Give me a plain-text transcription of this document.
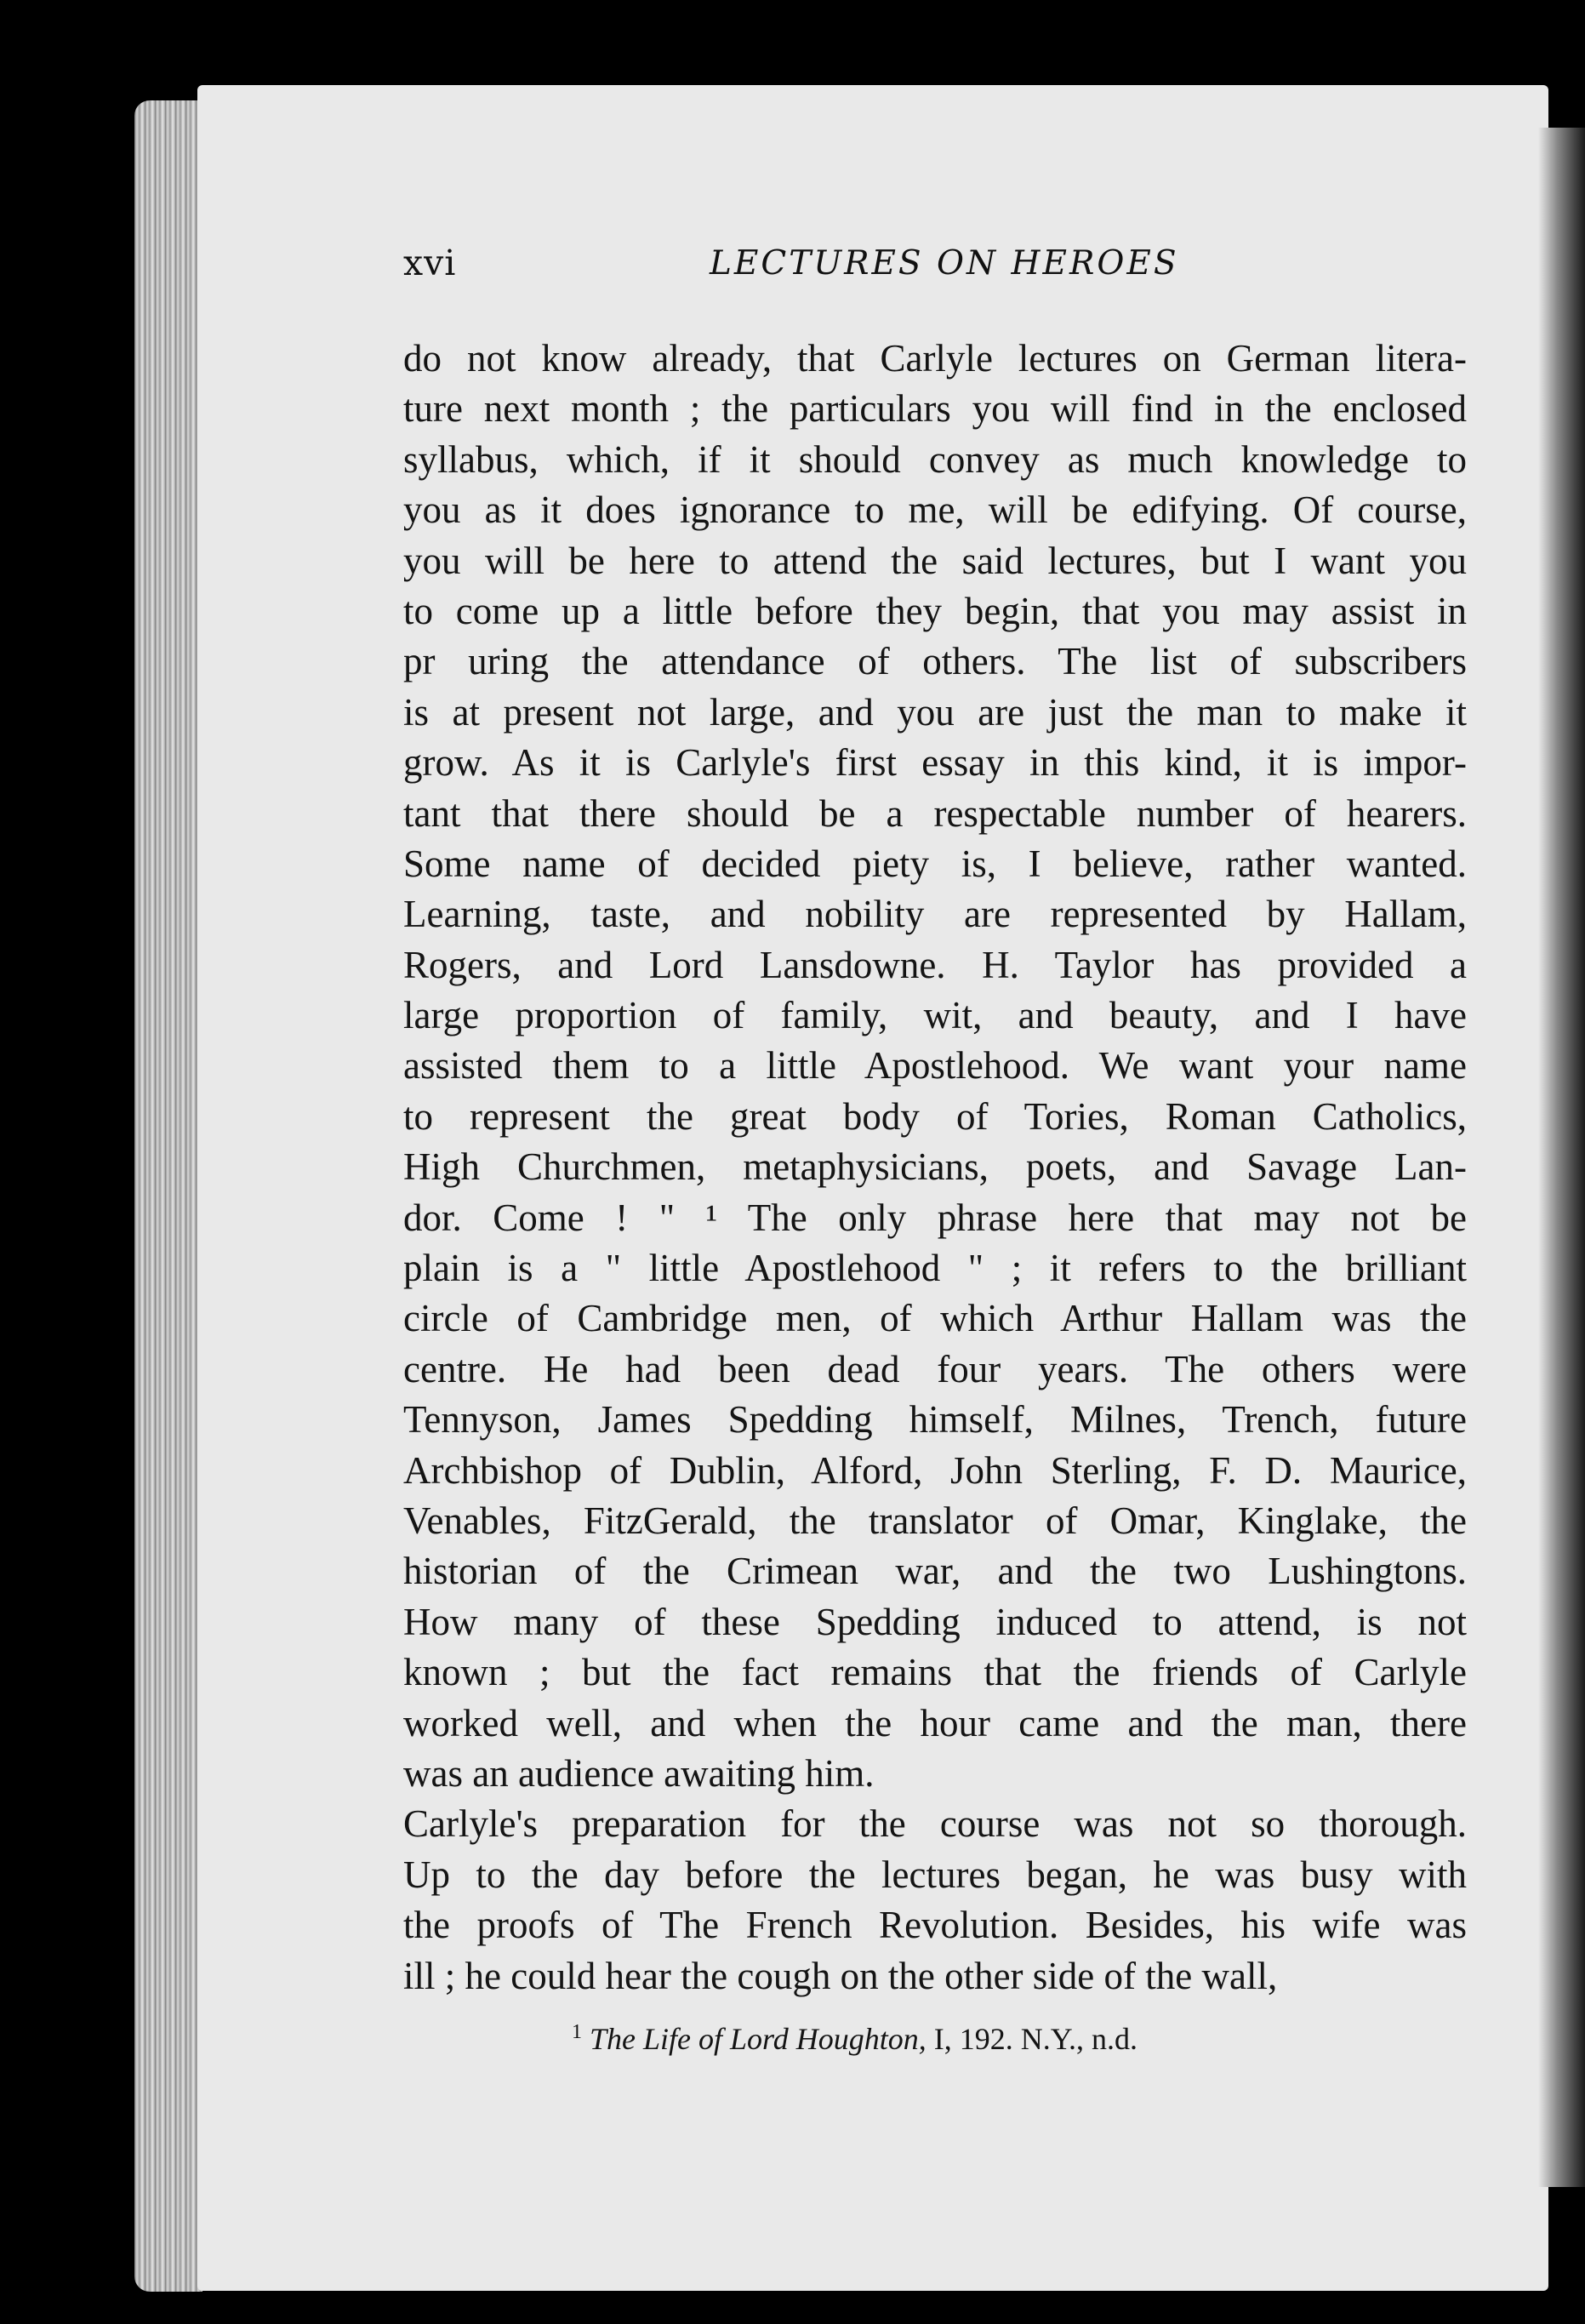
xvi	LECTURES ON HEROES
do not know already, that Carlyle lectures on German litera-
ture next month ; the particulars you will find in the enclosed
syllabus, which, if it should convey as much knowledge to
you as it does ignorance to me, will be edifying. Of course,
you will be here to attend the said lectures, but I want you
to come up a little before they begin, that you may assist in
pr uring the attendance of others. The list of subscribers
is at present not large, and you are just the man to make it
grow. As it is Carlyle's first essay in this kind, it is impor-
tant that there should be a respectable number of hearers.
Some name of decided piety is, I believe, rather wanted.
Learning, taste, and nobility are represented by Hallam,
Rogers, and Lord Lansdowne. H. Taylor has provided a
large proportion of family, wit, and beauty, and I have
assisted them to a little Apostlehood. We want your name
to represent the great body of Tories, Roman Catholics,
High Churchmen, metaphysicians, poets, and Savage Lan-
dor. Come ! " ¹ The only phrase here that may not be
plain is a " little Apostlehood " ; it refers to the brilliant
circle of Cambridge men, of which Arthur Hallam was the
centre. He had been dead four years. The others were
Tennyson, James Spedding himself, Milnes, Trench, future
Archbishop of Dublin, Alford, John Sterling, F. D. Maurice,
Venables, FitzGerald, the translator of Omar, Kinglake, the
historian of the Crimean war, and the two Lushingtons.
How many of these Spedding induced to attend, is not
known ; but the fact remains that the friends of Carlyle
worked well, and when the hour came and the man, there
was an audience awaiting him.
Carlyle's preparation for the course was not so thorough.
Up to the day before the lectures began, he was busy with
the proofs of The French Revolution. Besides, his wife was
ill ; he could hear the cough on the other side of the wall,
$^1$ The Life of Lord Houghton, I, 192. N.Y., n.d.
